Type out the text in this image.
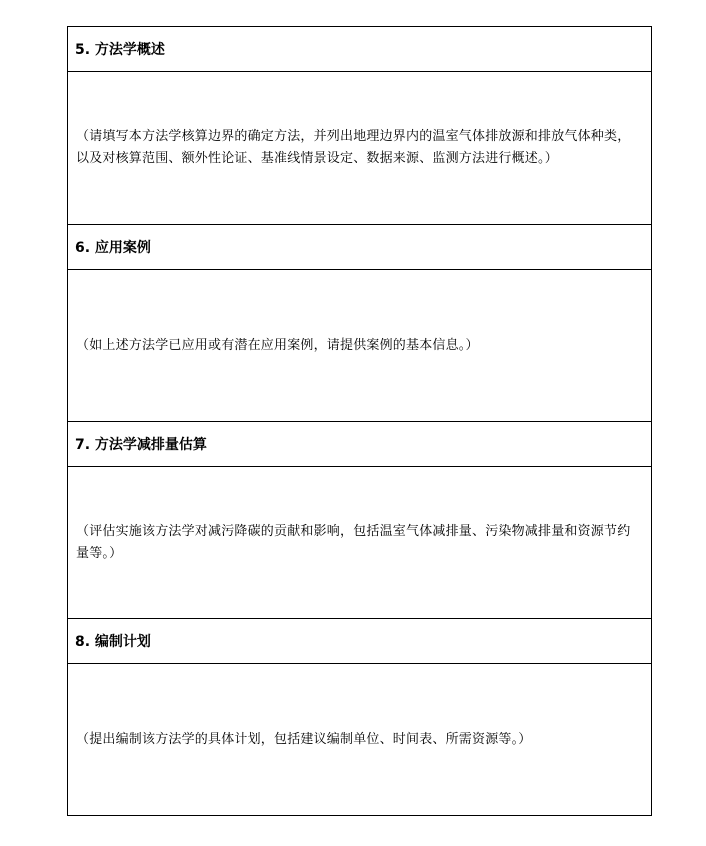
5. 方法学概述

（请填写本方法学核算边界的确定方法，并列出地理边界内的温室气体排放源和排放气体种类，以及对核算范围、额外性论证、基准线情景设定、数据来源、监测方法进行概述。）

6. 应用案例

（如上述方法学已应用或有潜在应用案例，请提供案例的基本信息。）

7. 方法学减排量估算

（评估实施该方法学对减污降碳的贡献和影响，包括温室气体减排量、污染物减排量和资源节约量等。）

8. 编制计划

（提出编制该方法学的具体计划，包括建议编制单位、时间表、所需资源等。）
